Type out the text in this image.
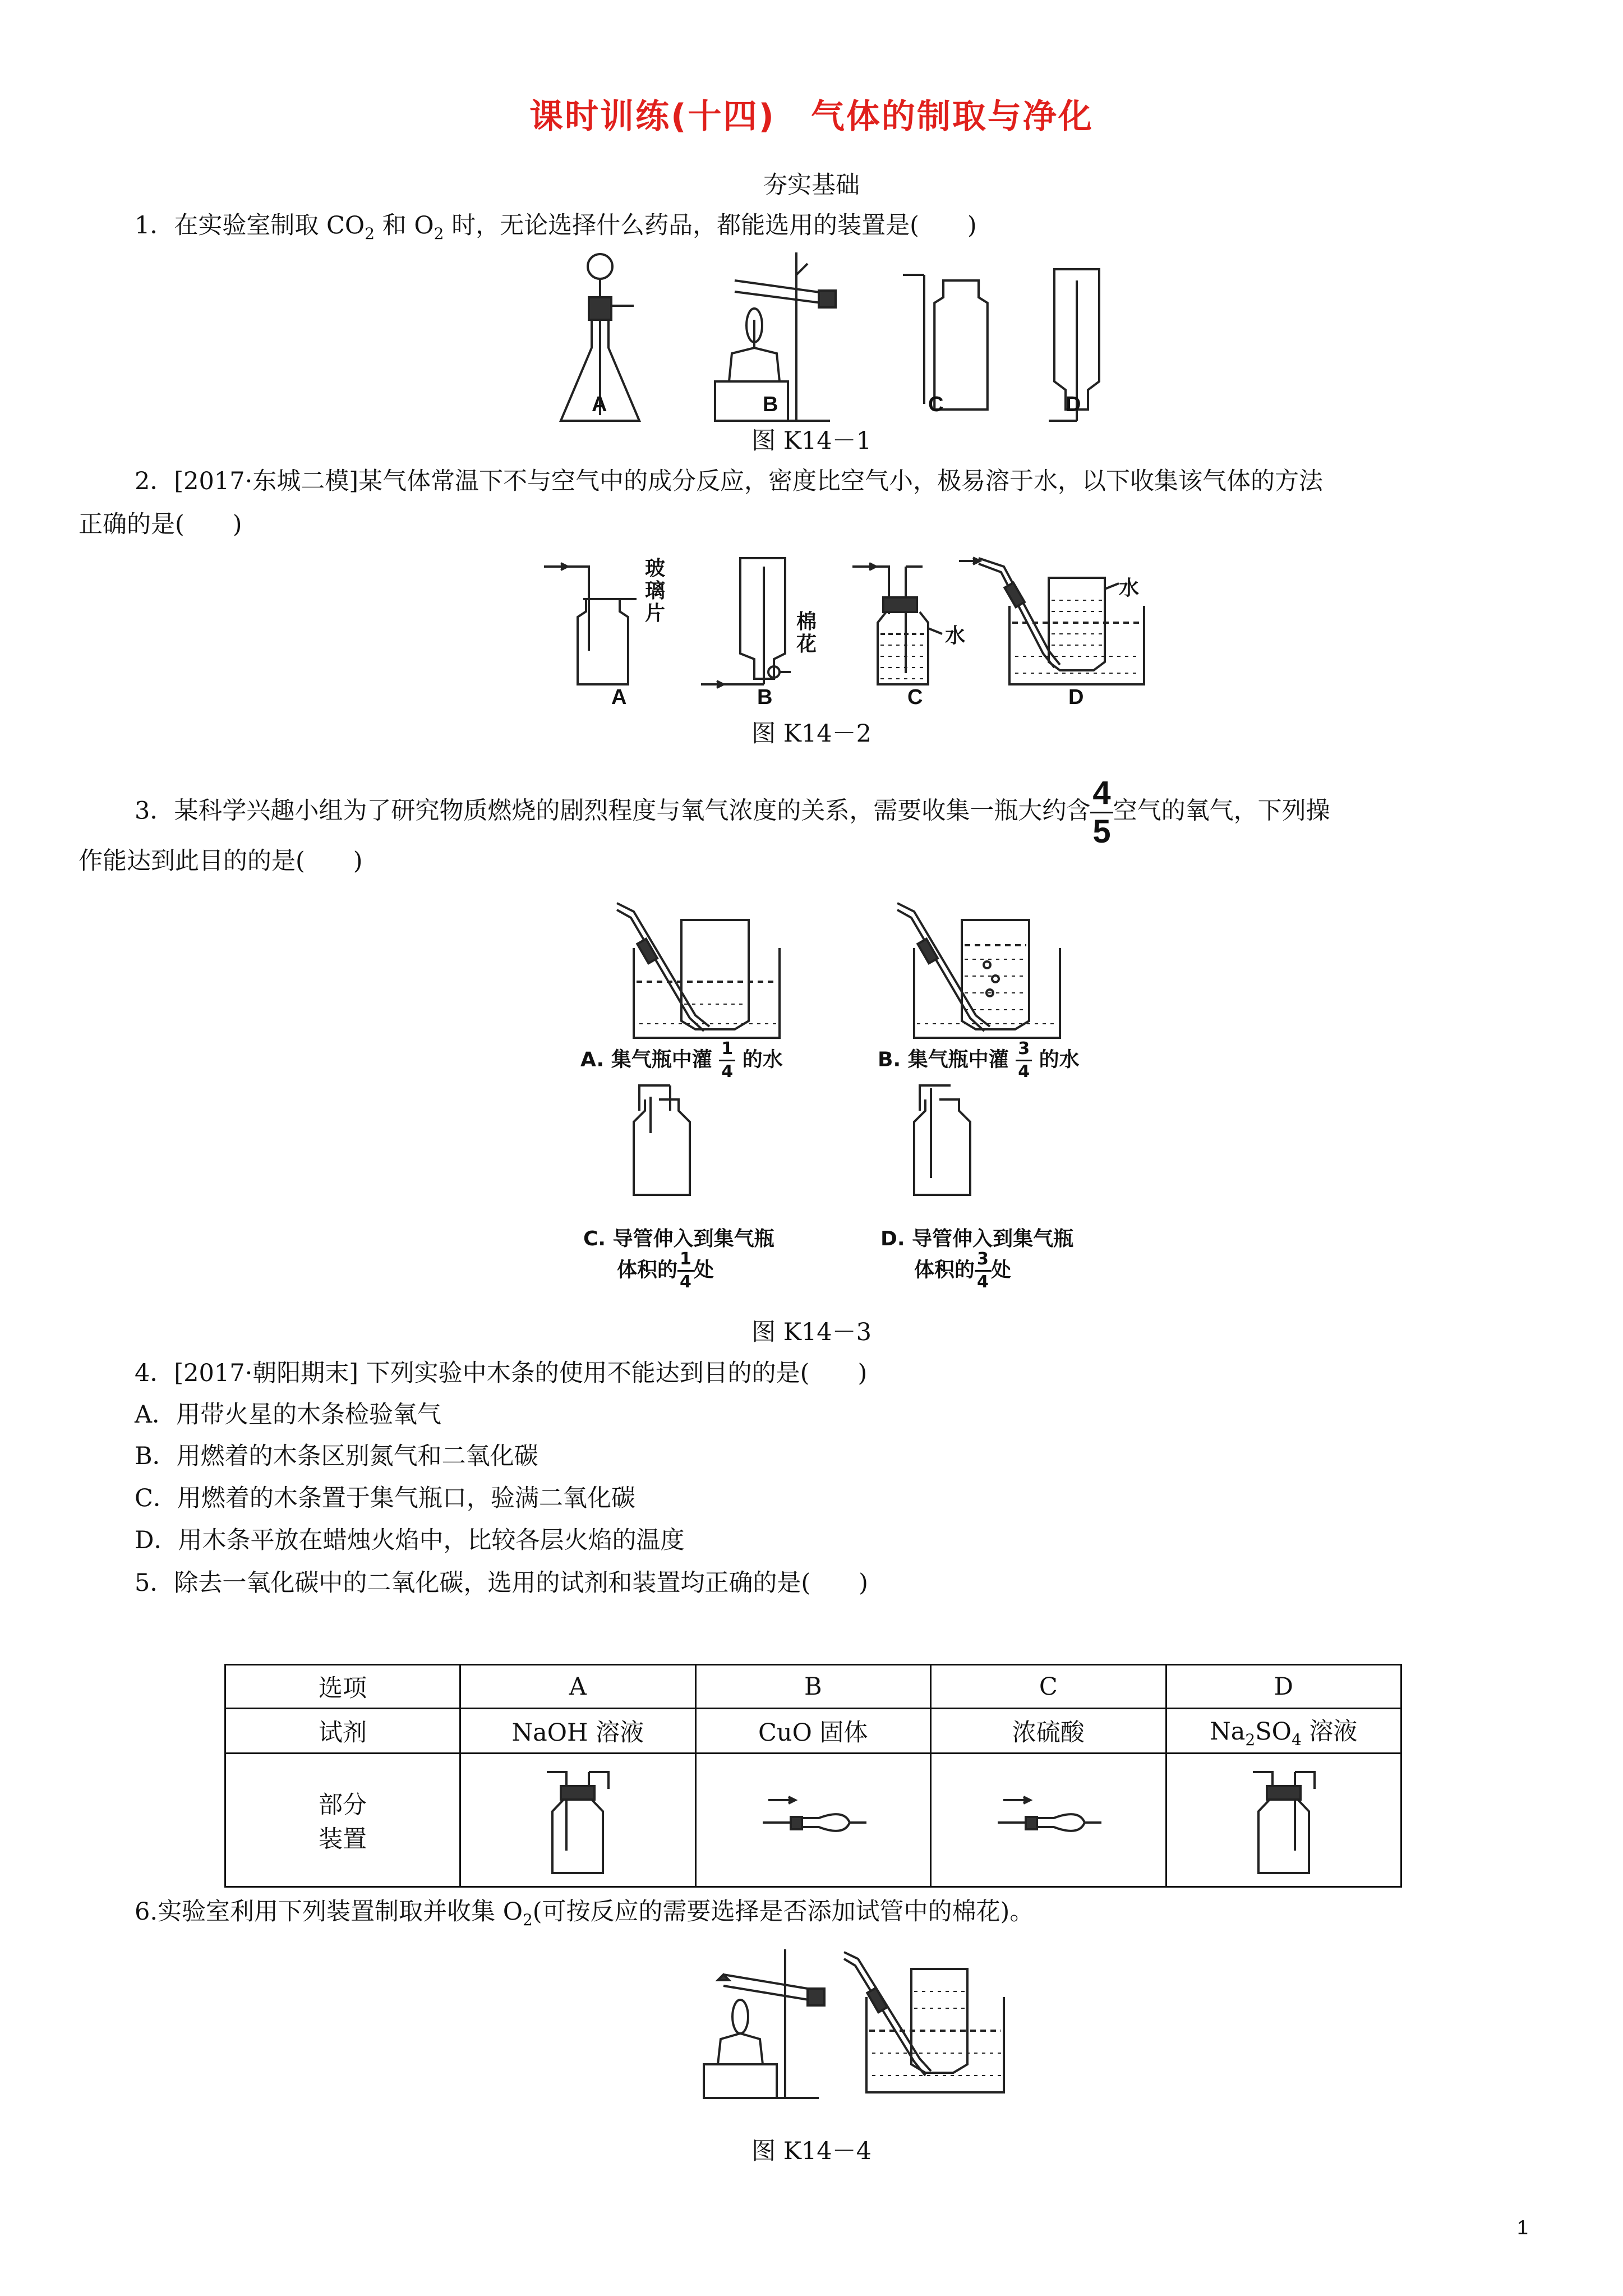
课时训练(十四)　气体的制取与净化
夯实基础
1．在实验室制取 $CO_2$ 和 $O_2$ 时，无论选择什么药品，都能选用的装置是(　　)
A	B	C	D
图 K14－1
2．[2017·东城二模]某气体常温下不与空气中的成分反应，密度比空气小，极易溶于水，以下收集该气体的方法
正确的是(　　)
玻
璃
片	棉
花	水
水
A	B	C	D
图 K14－2
3．某科学兴趣小组为了研究物质燃烧的剧烈程度与氧气浓度的关系，需要收集一瓶大约含 $\frac{4}{5}$ 空气的氧气，下列操
作能达到此目的的是(　　)
A. 集气瓶中灌 $\frac{1}{4}$ 的水	B. 集气瓶中灌 $\frac{3}{4}$ 的水
C. 导管伸入到集气瓶
体积的 $\frac{1}{4}$ 处
D. 导管伸入到集气瓶
体积的 $\frac{3}{4}$ 处
图 K14－3
4．[2017·朝阳期末] 下列实验中木条的使用不能达到目的的是(　　)
A．用带火星的木条检验氧气
B．用燃着的木条区别氮气和二氧化碳
C．用燃着的木条置于集气瓶口，验满二氧化碳
D．用木条平放在蜡烛火焰中，比较各层火焰的温度
5．除去一氧化碳中的二氧化碳，选用的试剂和装置均正确的是(　　)
选项	A	B	C	D
试剂	NaOH 溶液	CuO 固体	浓硫酸	$Na_2SO_4$ 溶液

部分
装置

6.实验室利用下列装置制取并收集 $O_2$(可按反应的需要选择是否添加试管中的棉花)。
图 K14－4
1
